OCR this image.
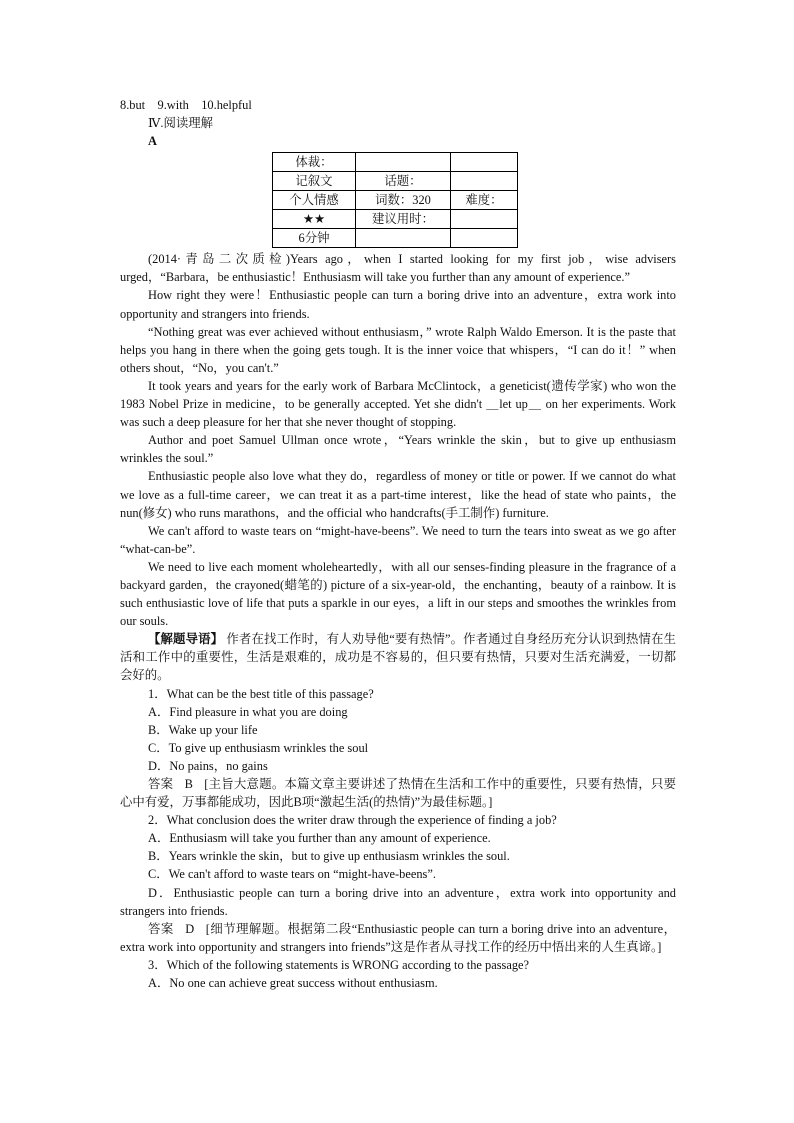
8.but　9.with　10.helpful
Ⅳ.阅读理解
A
体裁：		
记叙文	话题：	
个人情感	词数：320	难度：
★★	建议用时：	
6分钟		
(2014·青岛二次质检)Years ago，when I started looking for my first job，wise advisers urged，“Barbara，be enthusiastic！Enthusiasm will take you further than any amount of experience.”
How right they were！Enthusiastic people can turn a boring drive into an adventure，extra work into opportunity and strangers into friends.
“Nothing great was ever achieved without enthusiasm，” wrote Ralph Waldo Emerson. It is the paste that helps you hang in there when the going gets tough. It is the inner voice that whispers，“I can do it！” when others shout，“No，you can't.”
It took years and years for the early work of Barbara McClintock，a geneticist(遗传学家) who won the 1983 Nobel Prize in medicine，to be generally accepted. Yet she didn't ＿let up＿ on her experiments. Work was such a deep pleasure for her that she never thought of stopping.
Author and poet Samuel Ullman once wrote，“Years wrinkle the skin，but to give up enthusiasm wrinkles the soul.”
Enthusiastic people also love what they do，regardless of money or title or power. If we cannot do what we love as a full-time career，we can treat it as a part-time interest，like the head of state who paints，the nun(修女) who runs marathons，and the official who handcrafts(手工制作) furniture.
We can't afford to waste tears on “might-have-beens”. We need to turn the tears into sweat as we go after “what-can-be”.
We need to live each moment wholeheartedly，with all our senses-finding pleasure in the fragrance of a backyard garden，the crayoned(蜡笔的) picture of a six-year-old，the enchanting，beauty of a rainbow. It is such enthusiastic love of life that puts a sparkle in our eyes，a lift in our steps and smoothes the wrinkles from our souls.
【解题导语】 作者在找工作时，有人劝导他“要有热情”。作者通过自身经历充分认识到热情在生活和工作中的重要性，生活是艰难的，成功是不容易的，但只要有热情，只要对生活充满爱，一切都会好的。
1．What can be the best title of this passage?
A．Find pleasure in what you are doing
B．Wake up your life
C．To give up enthusiasm wrinkles the soul
D．No pains，no gains
答案 B [主旨大意题。本篇文章主要讲述了热情在生活和工作中的重要性，只要有热情，只要心中有爱，万事都能成功，因此B项“激起生活(的热情)”为最佳标题。]
2．What conclusion does the writer draw through the experience of finding a job?
A．Enthusiasm will take you further than any amount of experience.
B．Years wrinkle the skin，but to give up enthusiasm wrinkles the soul.
C．We can't afford to waste tears on “might-have-beens”.
D．Enthusiastic people can turn a boring drive into an adventure，extra work into opportunity and strangers into friends.
答案 D [细节理解题。根据第二段“Enthusiastic people can turn a boring drive into an adventure，extra work into opportunity and strangers into friends”这是作者从寻找工作的经历中悟出来的人生真谛。]
3．Which of the following statements is WRONG according to the passage?
A．No one can achieve great success without enthusiasm.
